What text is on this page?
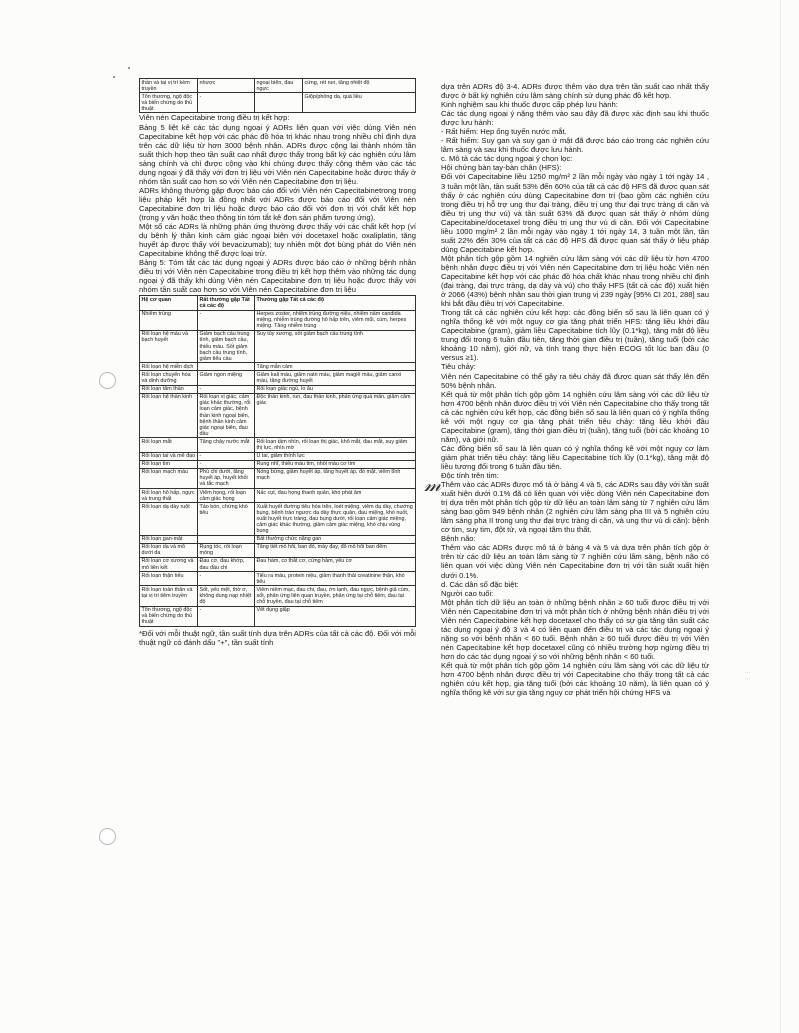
𝓂
⋮ ⋮
thần và tai vị trí kèm truyền	nhược	ngoại biên, đau ngực	cứng, rét run, tăng nhiệt độ
Tổn thương, ngộ độc và biến chứng do thủ thuật	-		Giộp/phồng da, quá liều

Viên nén Capecitabine trong điều trị kết hợp:

Bảng 5 liệt kê các tác dụng ngoại ý ADRs liên quan với việc dùng Viên nén Capecitabine kết hợp với các phác đồ hóa trị khác nhau trong nhiều chỉ định dựa trên các dữ liệu từ hơn 3000 bệnh nhân. ADRs được cộng lại thành nhóm tần suất thích hợp theo tần suất cao nhất được thấy trong bất kỳ các nghiên cứu lâm sàng chính và chỉ được cộng vào khi chúng được thấy cộng thêm vào các tác dụng ngoại ý đã thấy với đơn trị liệu với Viên nén Capecitabine hoặc được thấy ở nhóm tần suất cao hơn so với Viên nén Capecitabine đơn trị liệu.

ADRs không thường gặp được báo cáo đối với Viên nén Capecitabinetrong trong liệu pháp kết hợp là đồng nhất với ADRs được báo cáo đối với Viên nén Capecitabine đơn trị liệu hoặc được báo cáo đối với đơn trị với chất kết hợp (trong y văn hoặc theo thông tin tóm tắt kê đơn sản phẩm tương ứng).

Một số các ADRs là những phản ứng thường được thấy với các chất kết hợp (ví dụ bệnh lý thần kinh cảm giác ngoại biên với docetaxel hoặc oxaliplatin, tăng huyết áp được thấy với bevacizumab); tuy nhiên một đợt bùng phát do Viên nén Capecitabine không thể được loại trừ.

Bảng 5: Tóm tắt các tác dụng ngoại ý ADRs được báo cáo ở những bệnh nhân điều trị với Viên nén Capecitabine trong điều trị kết hợp thêm vào những tác dụng ngoại ý đã thấy khi dùng Viên nén Capecitabine đơn trị liệu hoặc được thấy với nhóm tần suất cao hơn so với Viên nén Capecitabine đơn trị liệu

Hệ cơ quan	Rất thường gặp Tất cả các độ	Thường gặp Tất cả các độ
Nhiễm trùng	-	Herpes zoster, nhiễm trùng đường niệu, nhiễm nấm candida miệng, nhiễm trùng đường hô hấp trên, viêm mũi, cúm, herpes miệng. Tăng nhiễm trùng
Rối loạn hệ máu và bạch huyết	Giảm bạch cầu trung tính, giảm bạch cầu, thiếu máu. Sốt giảm bạch cầu trung tính, giảm tiểu cầu	Suy tủy xương, sốt giảm bạch cầu trung tính
Rối loạn hệ miễn dịch		Tăng mẫn cảm
Rối loạn chuyển hóa và dinh dưỡng	Giảm ngon miệng	Giảm kali máu, giảm natri máu, giảm magiê máu, giảm canxi máu, tăng đường huyết
Rối loạn tâm thần	-	Rối loạn giấc ngủ, lo âu
Rối loạn hệ thần kinh	Rối loạn vị giác, cảm giác khác thường, rối loạn cảm giác, bệnh thần kinh ngoại biên, bệnh thần kinh cảm giác ngoại biên, đau đầu	Độc thần kinh, run, đau thần kinh, phản ứng quá mẫn, giảm cảm giác
Rối loạn mắt	Tăng chảy nước mắt	Rối loạn tầm nhìn, rối loạn thị giác, khô mắt, đau mắt, suy giảm thị lực, nhìn mờ
Rối loạn tai và mê đạo	-	Ù tai, giảm thính lực
Rối loạn tim	-	Rung nhĩ, thiếu máu tim, nhồi máu cơ tim
Rối loạn mạch máu	Phù chi dưới, tăng huyết áp, huyết khối và tắc mạch	Nóng bừng, giảm huyết áp, tăng huyết áp, đỏ mặt, viêm tĩnh mạch
Rối loạn hô hấp, ngực và trung thất	Viêm họng, rối loạn cảm giác họng	Nấc cụt, đau họng thanh quản, khó phát âm
Rối loạn dạ dày ruột	Táo bón, chứng khó tiêu	Xuất huyết đường tiêu hóa trên, loét miệng, viêm dạ dày, chướng bụng, bệnh trào ngược dạ dày thực quản, đau miệng, khó nuốt, xuất huyết trực tràng, đau bụng dưới, rối loạn cảm giác miệng, cảm giác khác thường, giảm cảm giác miệng, khó chịu vùng bụng
Rối loạn gan-mật		Bất thường chức năng gan
Rối loạn da và mô dưới da	Rụng tóc, rối loạn móng	Tăng tiết mồ hôi, ban đỏ, mày đay, đổ mồ hôi ban đêm
Rối loạn cơ xương và mô liên kết	Đau cơ, đau khớp, đau đầu chi	Đau hàm, co thắt cơ, cứng hàm, yếu cơ
Rối loạn thận tiểu	-	Tiểu ra máu, protein niệu, giảm thanh thải creatinine thận, khó tiểu
Rối loạn toàn thân và tại vị trí tiêm truyền	Sốt, yếu mệt, thờ ơ, không dung nạp nhiệt độ	Viêm niêm mạc, đau chi, đau, ớn lạnh, đau ngực, bệnh giả cúm, sốt, phản ứng liên quan truyền, phản ứng tại chỗ tiêm, đau tại chỗ truyền, đau tại chỗ tiêm
Tổn thương, ngộ độc và biến chứng do thủ thuật	-	Vết dụng giập

*Đối với mỗi thuật ngữ, tần suất tính dựa trên ADRs của tất cả các độ. Đối với mỗi thuật ngữ có đánh dấu "+", tần suất tính

dựa trên ADRs độ 3-4. ADRs được thêm vào dựa trên tần suất cao nhất thấy được ở bất kỳ nghiên cứu lâm sàng chính sử dụng phác đồ kết hợp.

Kinh nghiệm sau khi thuốc được cấp phép lưu hành:

Các tác dụng ngoại ý nặng thêm vào sau đây đã được xác định sau khi thuốc được lưu hành:

- Rất hiếm: Hẹp ống tuyến nước mắt.

- Rất hiếm: Suy gan và suy gan ứ mật đã được báo cáo trong các nghiên cứu lâm sàng và sau khi thuốc được lưu hành.

c. Mô tả các tác dụng ngoại ý chọn lọc:

Hội chứng bàn tay-bàn chân (HFS):

Đối với Capecitabine liều 1250 mg/m² 2 lần mỗi ngày vào ngày 1 tới ngày 14 , 3 tuần một lần, tần suất 53% đến 60% của tất cả các độ HFS đã được quan sát thấy ở các nghiên cứu dùng Capecitabine đơn trị (bao gồm các nghiên cứu trong điều trị hỗ trợ ung thư đại tràng, điều trị ung thư đại trực tràng di căn và điều trị ung thư vú) và tần suất 63% đã được quan sát thấy ở nhóm dùng Capecitabine/docetaxel trong điều trị ung thư vú di căn. Đối với Capecitabine liều 1000 mg/m² 2 lần mỗi ngày vào ngày 1 tới ngày 14, 3 tuần một lần, tần suất 22% đến 30% của tất cả các độ HFS đã được quan sát thấy ở liệu pháp dùng Capecitabine kết hợp.

Một phân tích gộp gồm 14 nghiên cứu lâm sàng với các dữ liệu từ hơn 4700 bệnh nhân được điều trị với Viên nén Capecitabine đơn trị liệu hoặc Viên nén Capecitabine kết hợp với các phác đồ hóa chất khác nhau trong nhiều chỉ định (đại tràng, đại trực tràng, dạ dày và vú) cho thấy HFS (tất cả các độ) xuất hiện ở 2066 (43%) bệnh nhân sau thời gian trung vị 239 ngày [95% CI 201, 288] sau khi bắt đầu điều trị với Capecitabine.

Trong tất cả các nghiên cứu kết hợp: các đồng biến số sau là liên quan có ý nghĩa thống kê với một nguy cơ gia tăng phát triển HFS: tăng liều khởi đầu Capecitabine (gram), giảm liều Capecitabine tích lũy (0.1*kg), tăng mật độ liều trung đối trong 6 tuần đầu tiên, tăng thời gian điều trị (tuần), tăng tuổi (bởi các khoảng 10 năm), giới nữ, và tình trạng thực hiện ECOG tốt lúc ban đầu (0 versus ≥1).

Tiêu chảy:

Viên nén Capecitabine có thể gây ra tiêu chảy đã được quan sát thấy lên đến 50% bệnh nhân.

Kết quả từ một phân tích gộp gồm 14 nghiên cứu lâm sàng với các dữ liệu từ hơn 4700 bệnh nhân được điều trị với Viên nén Capecitabine cho thấy trong tất cả các nghiên cứu kết hợp, các đồng biến số sau là liên quan có ý nghĩa thống kê với một nguy cơ gia tăng phát triển tiêu chảy: tăng liều khởi đầu Capecitabine (gram), tăng thời gian điều trị (tuần), tăng tuổi (bởi các khoảng 10 năm), và giới nữ.

Các đồng biến số sau là liên quan có ý nghĩa thống kê với một nguy cơ làm giảm phát triển tiêu chảy: tăng liều Capecitabine tích lũy (0.1*kg), tăng mật độ liều tương đối trong 6 tuần đầu tiên.

Độc tính trên tim:

Thêm vào các ADRs được mô tả ở bảng 4 và 5, các ADRs sau đây với tần suất xuất hiện dưới 0.1% đã có liên quan với việc dùng Viên nén Capecitabine đơn trị dựa trên một phân tích gộp từ dữ liệu an toàn lâm sàng từ 7 nghiên cứu lâm sàng bao gồm 949 bệnh nhân (2 nghiên cứu lâm sàng pha III và 5 nghiên cứu lâm sàng pha II trong ung thư đại trực tràng di căn, và ung thư vú di căn): bệnh cơ tim, suy tim, đột tử, và ngoại tâm thu thất.

Bệnh não:

Thêm vào các ADRs được mô tả ở bảng 4 và 5 và dựa trên phân tích gộp ở trên từ các dữ liệu an toàn lâm sàng từ 7 nghiên cứu lâm sàng, bệnh não có liên quan với việc dùng Viên nén Capecitabine đơn trị với tần suất xuất hiện dưới 0.1%.

d. Các dân số đặc biệt:

Người cao tuổi:

Một phân tích dữ liệu an toàn ở những bệnh nhân ≥ 60 tuổi được điều trị với Viên nén Capecitabine đơn trị và một phân tích ở những bệnh nhân điều trị với Viên nén Capecitabine kết hợp docetaxel cho thấy có sự gia tăng tần suất các tác dụng ngoại ý độ 3 và 4 có liên quan đến điều trị và các tác dụng ngoại ý nặng so với bệnh nhân < 60 tuổi. Bệnh nhân ≥ 60 tuổi được điều trị với Viên nén Capecitabine kết hợp docetaxel cũng có nhiều trường hợp ngừng điều trị hơn do các tác dụng ngoại ý so với những bệnh nhân < 60 tuổi.

Kết quả từ một phân tích gộp gồm 14 nghiên cứu lâm sàng với các dữ liệu từ hơn 4700 bệnh nhân được điều trị với Capecitabine cho thấy trong tất cả các nghiên cứu kết hợp, gia tăng tuổi (bởi các khoảng 10 năm), là liên quan có ý nghĩa thống kê với sự gia tăng nguy cơ phát triển hội chứng HFS và
